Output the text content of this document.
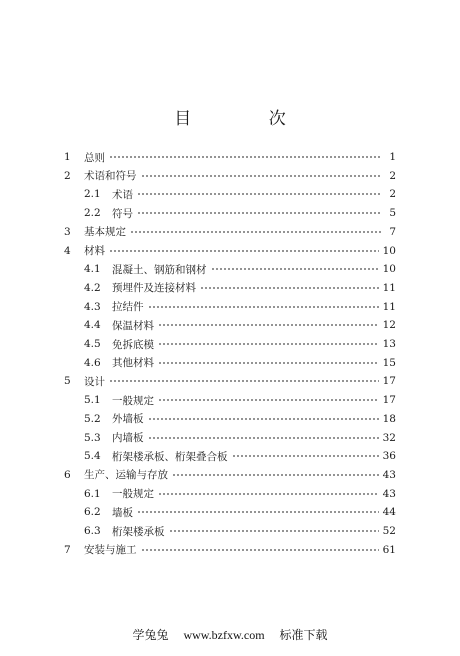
目 次
1	总则	1
2	术语和符号	2
2.1	术语	2
2.2	符号	5
3	基本规定	7
4	材料	10
4.1	混凝土、钢筋和钢材	10
4.2	预埋件及连接材料	11
4.3	拉结件	11
4.4	保温材料	12
4.5	免拆底模	13
4.6	其他材料	15
5	设计	17
5.1	一般规定	17
5.2	外墙板	18
5.3	内墙板	32
5.4	桁架楼承板、桁架叠合板	36
6	生产、运输与存放	43
6.1	一般规定	43
6.2	墙板	44
6.3	桁架楼承板	52
7	安装与施工	61
学兔兔 www.bzfxw.com 标准下载
